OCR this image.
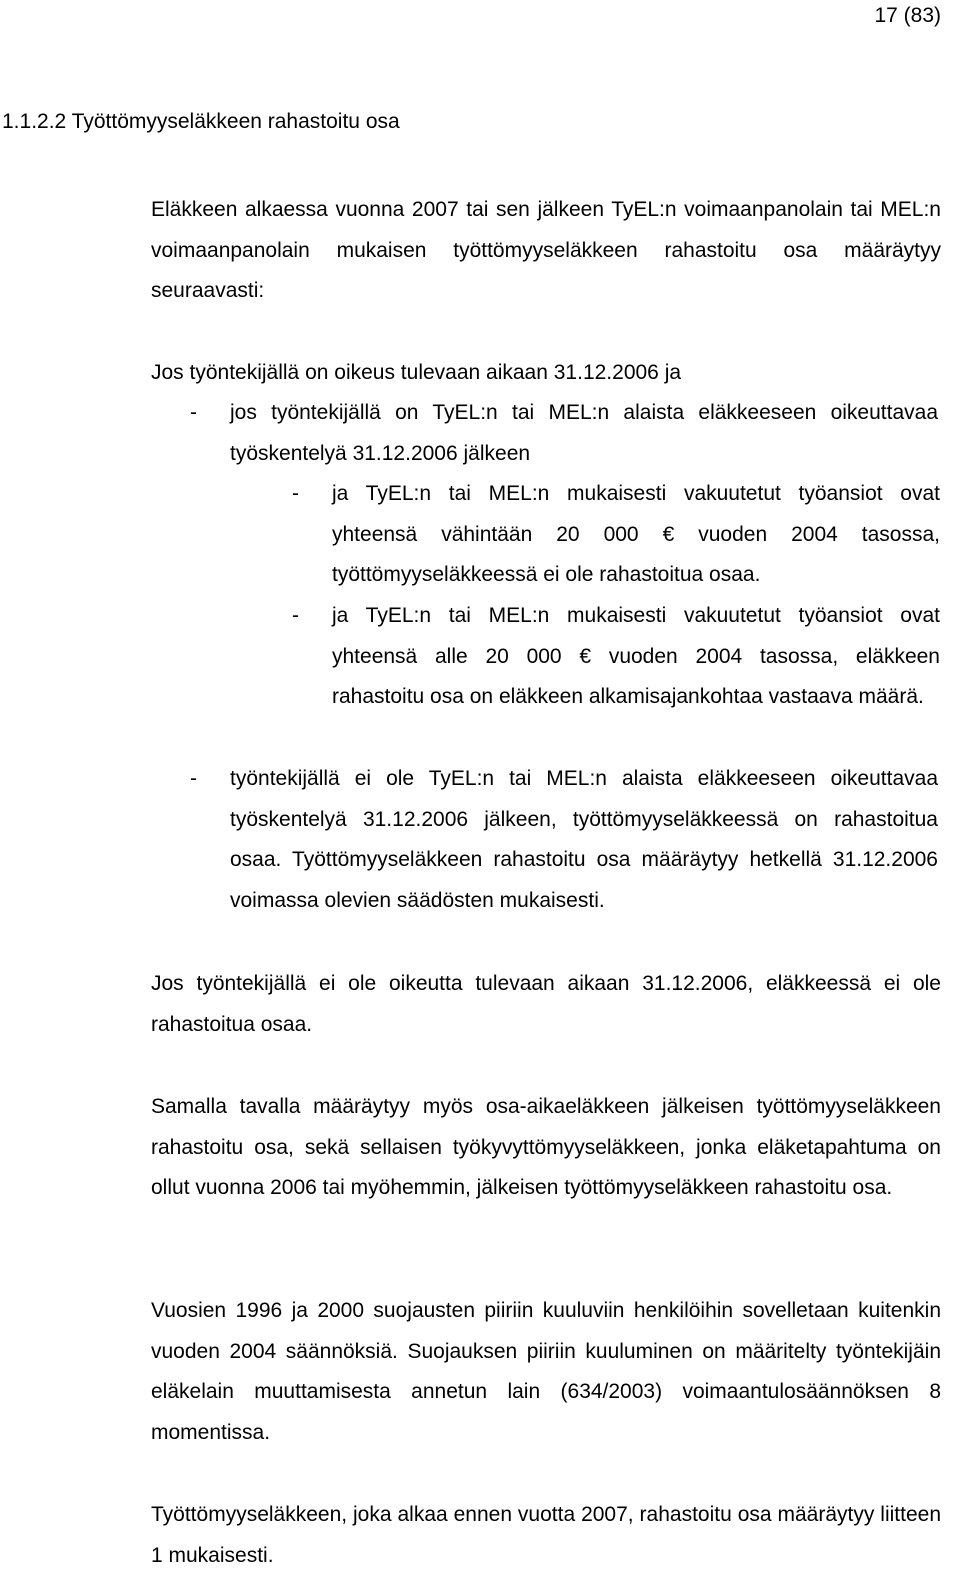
17 (83)
1.1.2.2 Työttömyyseläkkeen rahastoitu osa

Eläkkeen alkaessa vuonna 2007 tai sen jälkeen TyEL:n voimaanpanolain tai MEL:n voimaanpanolain mukaisen työttömyyseläkkeen rahastoitu osa määräytyy seuraavasti:

Jos työntekijällä on oikeus tulevaan aikaan 31.12.2006 ja

- jos työntekijällä on TyEL:n tai MEL:n alaista eläkkeeseen oikeuttavaa työskentelyä 31.12.2006 jälkeen

- ja TyEL:n tai MEL:n mukaisesti vakuutetut työansiot ovat yhteensä vähintään 20 000 € vuoden 2004 tasossa, työttömyyseläkkeessä ei ole rahastoitua osaa.

- ja TyEL:n tai MEL:n mukaisesti vakuutetut työansiot ovat yhteensä alle 20 000 € vuoden 2004 tasossa, eläkkeen rahastoitu osa on eläkkeen alkamisajankohtaa vastaava määrä.

- työntekijällä ei ole TyEL:n tai MEL:n alaista eläkkeeseen oikeuttavaa työskentelyä 31.12.2006 jälkeen, työttömyyseläkkeessä on rahastoitua osaa. Työttömyyseläkkeen rahastoitu osa määräytyy hetkellä 31.12.2006 voimassa olevien säädösten mukaisesti.

Jos työntekijällä ei ole oikeutta tulevaan aikaan 31.12.2006, eläkkeessä ei ole rahastoitua osaa.

Samalla tavalla määräytyy myös osa-aikaeläkkeen jälkeisen työttömyyseläkkeen rahastoitu osa, sekä sellaisen työkyvyttömyyseläkkeen, jonka eläketapahtuma on ollut vuonna 2006 tai myöhemmin, jälkeisen työttömyyseläkkeen rahastoitu osa.

Vuosien 1996 ja 2000 suojausten piiriin kuuluviin henkilöihin sovelletaan kuitenkin vuoden 2004 säännöksiä. Suojauksen piiriin kuuluminen on määritelty työntekijäin eläkelain muuttamisesta annetun lain (634/2003) voimaantulosäännöksen 8 momentissa.

Työttömyyseläkkeen, joka alkaa ennen vuotta 2007, rahastoitu osa määräytyy liitteen 1 mukaisesti.
